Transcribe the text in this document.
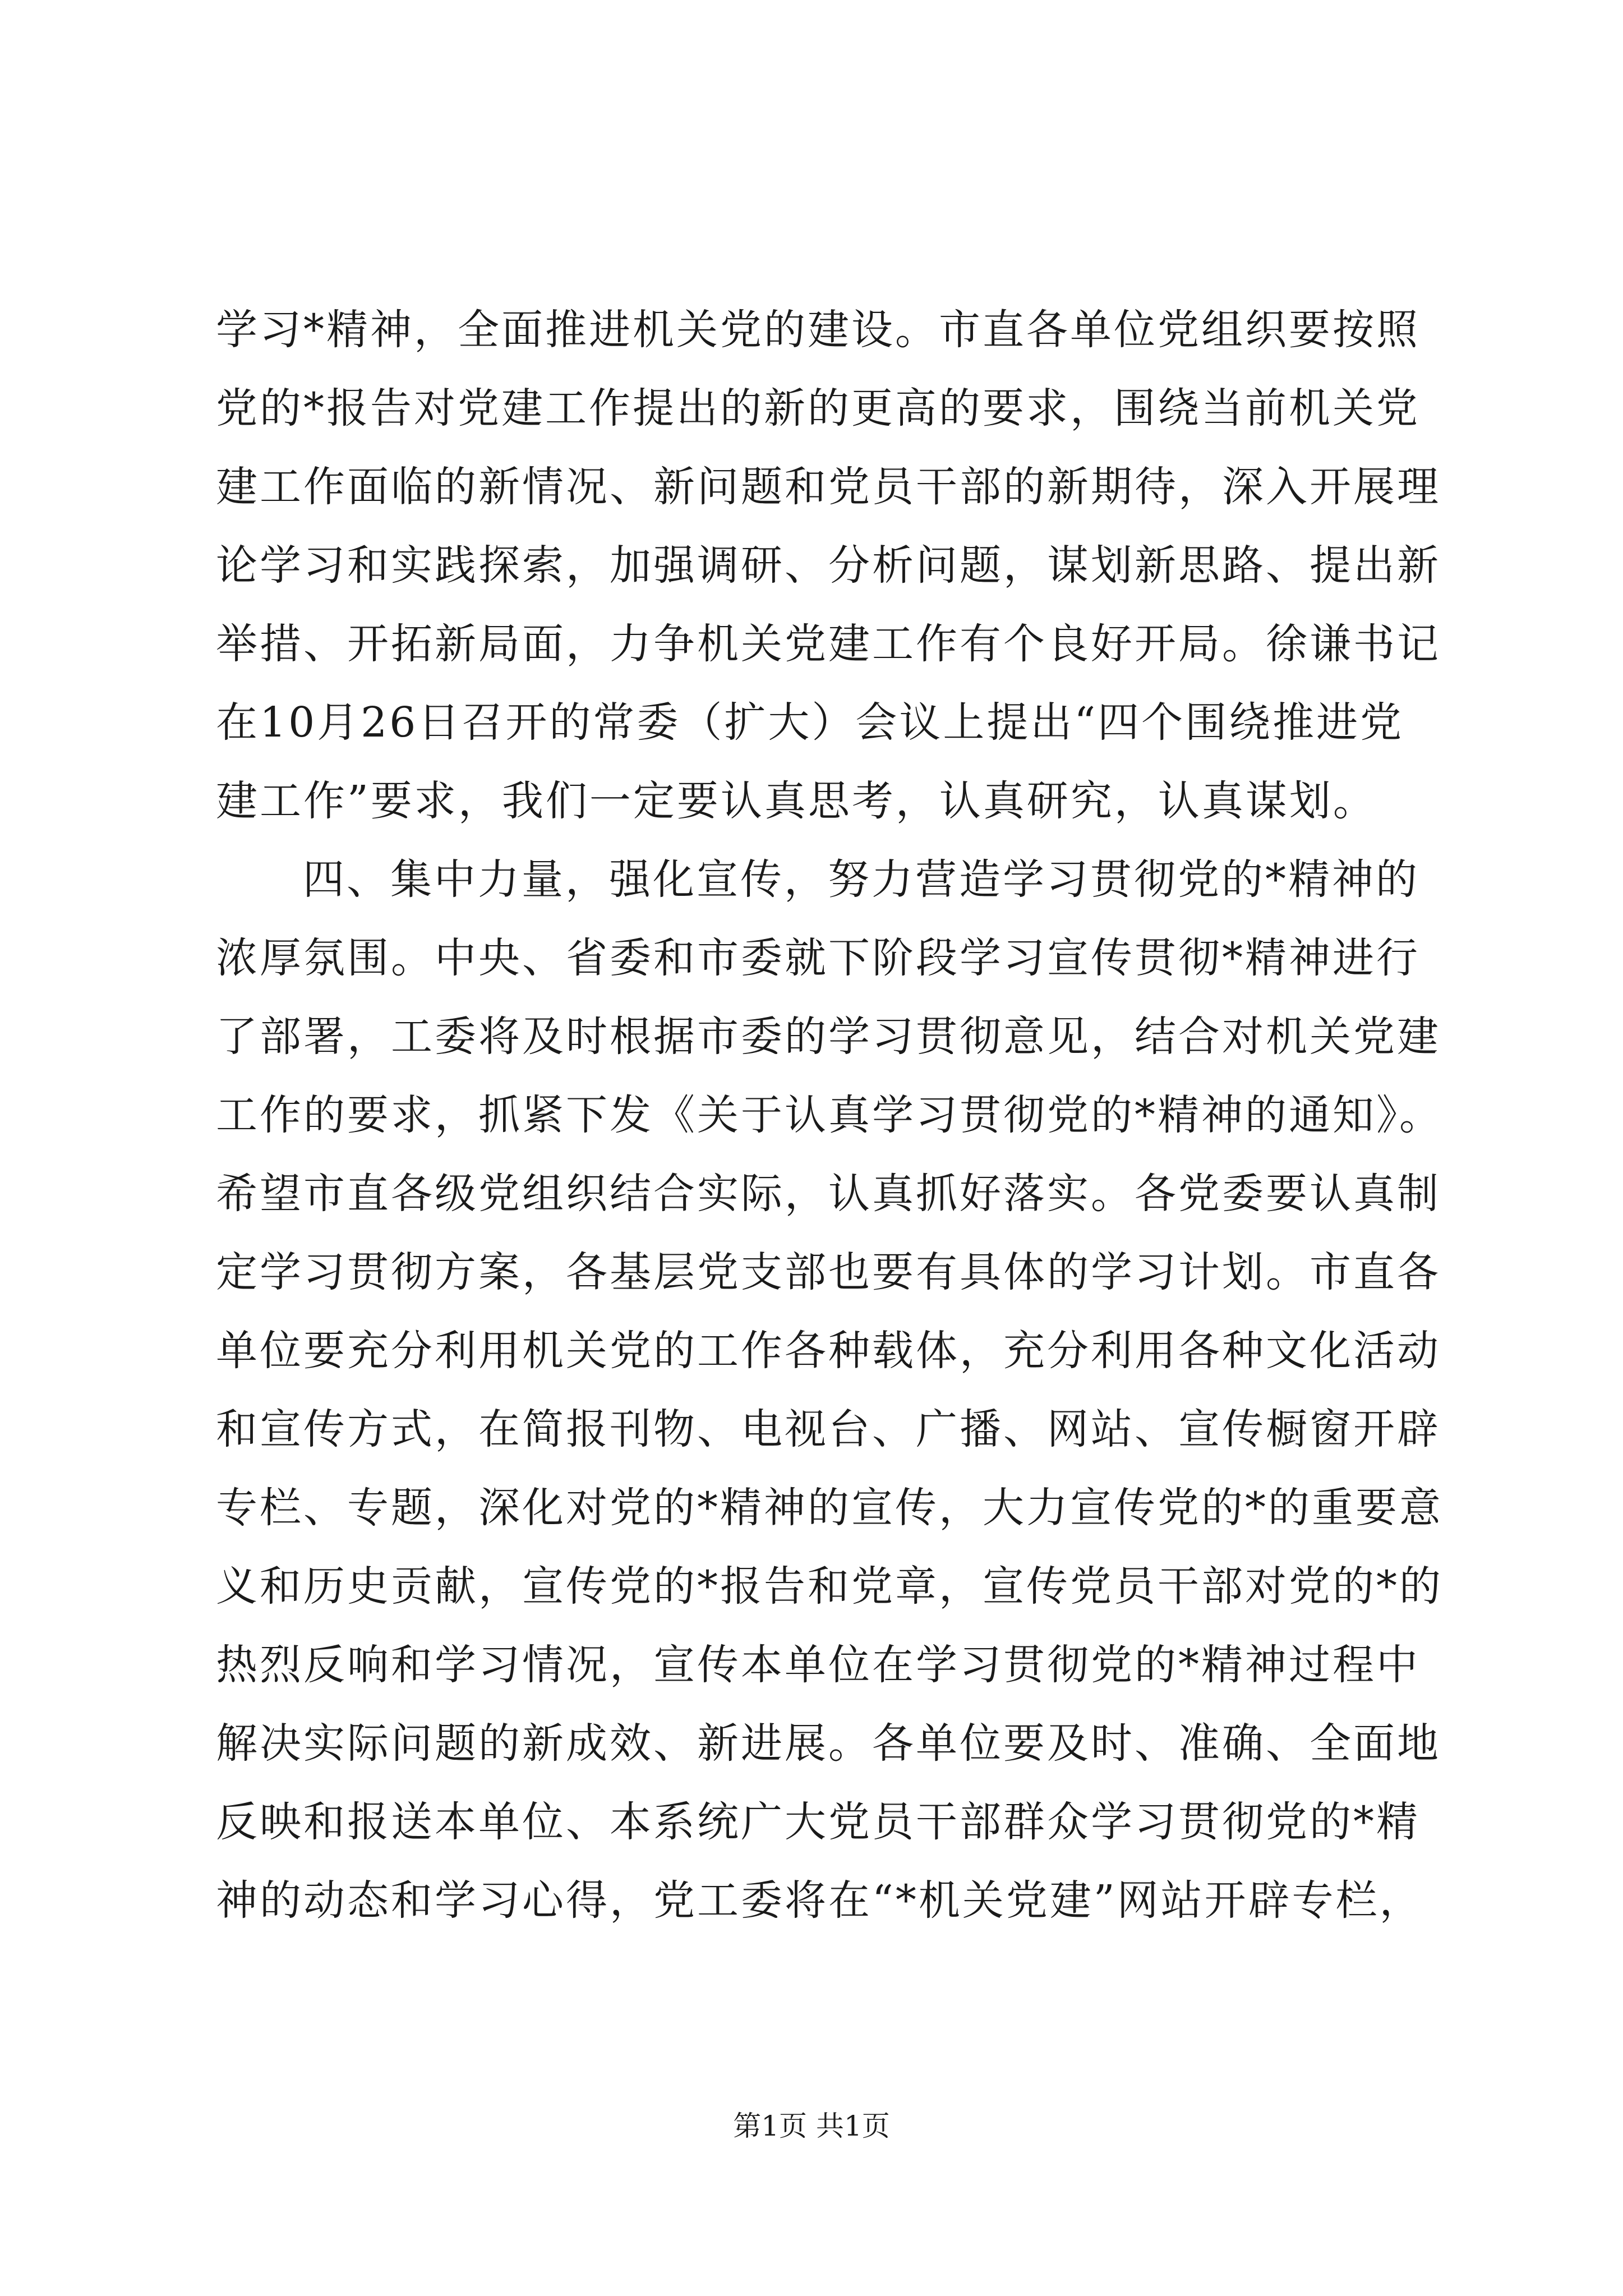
学习*精神，全面推进机关党的建设。市直各单位党组织要按照
党的*报告对党建工作提出的新的更高的要求，围绕当前机关党
建工作面临的新情况、新问题和党员干部的新期待，深入开展理
论学习和实践探索，加强调研、分析问题，谋划新思路、提出新
举措、开拓新局面，力争机关党建工作有个良好开局。徐谦书记
在10月26日召开的常委（扩大）会议上提出“四个围绕推进党
建工作”要求，我们一定要认真思考，认真研究，认真谋划。
四、集中力量，强化宣传，努力营造学习贯彻党的*精神的
浓厚氛围。中央、省委和市委就下阶段学习宣传贯彻*精神进行
了部署，工委将及时根据市委的学习贯彻意见，结合对机关党建
工作的要求，抓紧下发《关于认真学习贯彻党的*精神的通知》。
希望市直各级党组织结合实际，认真抓好落实。各党委要认真制
定学习贯彻方案，各基层党支部也要有具体的学习计划。市直各
单位要充分利用机关党的工作各种载体，充分利用各种文化活动
和宣传方式，在简报刊物、电视台、广播、网站、宣传橱窗开辟
专栏、专题，深化对党的*精神的宣传，大力宣传党的*的重要意
义和历史贡献，宣传党的*报告和党章，宣传党员干部对党的*的
热烈反响和学习情况，宣传本单位在学习贯彻党的*精神过程中
解决实际问题的新成效、新进展。各单位要及时、准确、全面地
反映和报送本单位、本系统广大党员干部群众学习贯彻党的*精
神的动态和学习心得，党工委将在“*机关党建”网站开辟专栏，
第1页 共1页
